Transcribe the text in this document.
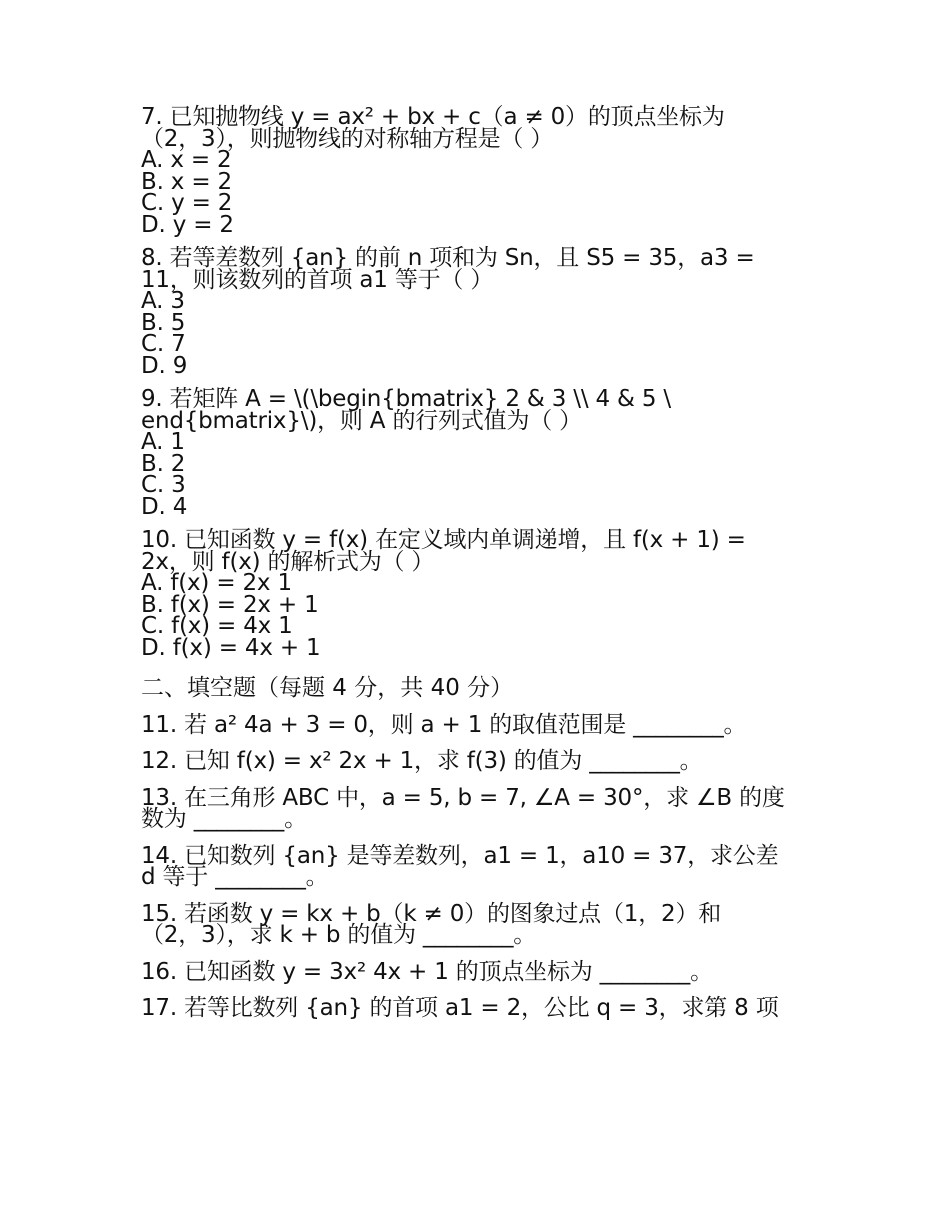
7. 已知抛物线 y = ax² + bx + c（a ≠ 0）的顶点坐标为
（2，3），则抛物线的对称轴方程是（ ）
A. x = 2
B. x = 2
C. y = 2
D. y = 2
8. 若等差数列 {an} 的前 n 项和为 Sn，且 S5 = 35，a3 =
11，则该数列的首项 a1 等于（ ）
A. 3
B. 5
C. 7
D. 9
9. 若矩阵 A = \(\begin{bmatrix} 2 & 3 \\ 4 & 5 \
end{bmatrix}\)，则 A 的行列式值为（ ）
A. 1
B. 2
C. 3
D. 4
10. 已知函数 y = f(x) 在定义域内单调递增，且 f(x + 1) =
2x，则 f(x) 的解析式为（ ）
A. f(x) = 2x 1
B. f(x) = 2x + 1
C. f(x) = 4x 1
D. f(x) = 4x + 1
二、填空题（每题 4 分，共 40 分）
11. 若 a² 4a + 3 = 0，则 a + 1 的取值范围是 ________。
12. 已知 f(x) = x² 2x + 1，求 f(3) 的值为 ________。
13. 在三角形 ABC 中，a = 5, b = 7, ∠A = 30°，求 ∠B 的度
数为 ________。
14. 已知数列 {an} 是等差数列，a1 = 1，a10 = 37，求公差
d 等于 ________。
15. 若函数 y = kx + b（k ≠ 0）的图象过点（1，2）和
（2，3），求 k + b 的值为 ________。
16. 已知函数 y = 3x² 4x + 1 的顶点坐标为 ________。
17. 若等比数列 {an} 的首项 a1 = 2，公比 q = 3，求第 8 项
